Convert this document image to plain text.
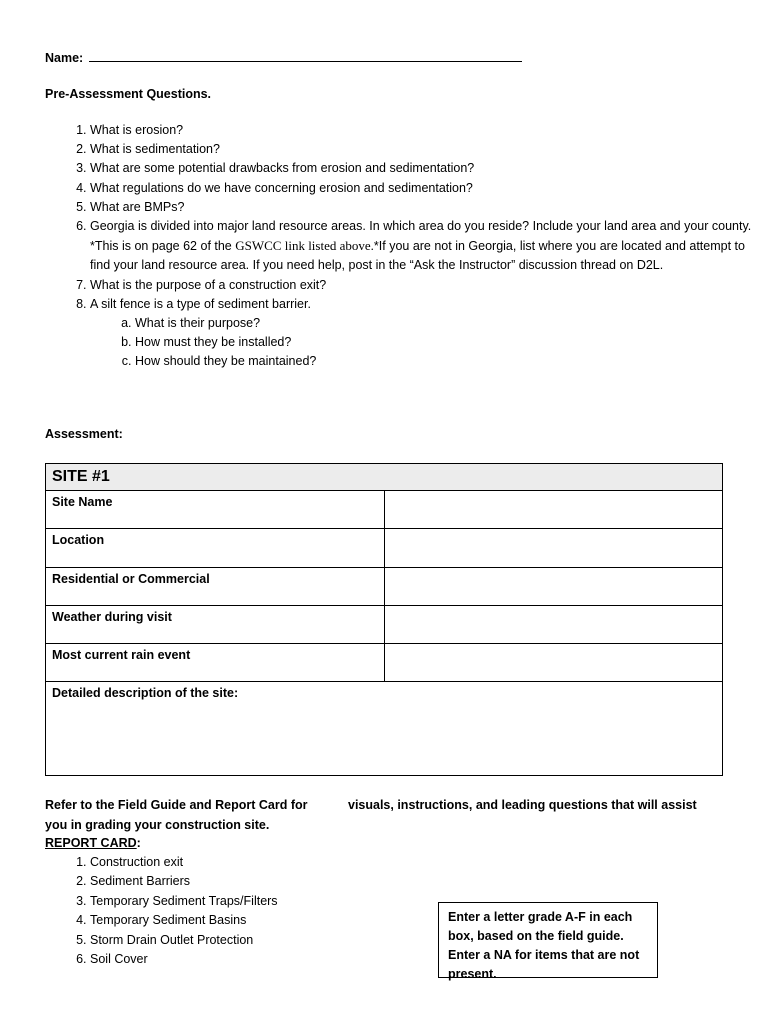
Name:
Pre-Assessment Questions.
1. What is erosion?
2. What is sedimentation?
3. What are some potential drawbacks from erosion and sedimentation?
4. What regulations do we have concerning erosion and sedimentation?
5. What are BMPs?
6. Georgia is divided into major land resource areas. In which area do you reside? Include your land area and your county. *This is on page 62 of the GSWCC link listed above.*If you are not in Georgia, list where you are located and attempt to find your land resource area. If you need help, post in the “Ask the Instructor” discussion thread on D2L.
7. What is the purpose of a construction exit?
8. A silt fence is a type of sediment barrier.
a. What is their purpose?
b. How must they be installed?
c. How should they be maintained?
Assessment:
SITE #1	
Site Name	
Location	
Residential or Commercial	
Weather during visit	
Most current rain event	
Detailed description of the site:	
Refer to the Field Guide and Report Card for	visuals, instructions, and leading questions that will assist
you in grading your construction site.
REPORT CARD:
1. Construction exit
2. Sediment Barriers
3. Temporary Sediment Traps/Filters
4. Temporary Sediment Basins
5. Storm Drain Outlet Protection
6. Soil Cover
Enter a letter grade A-F in each box, based on the field guide. Enter a NA for items that are not present.
